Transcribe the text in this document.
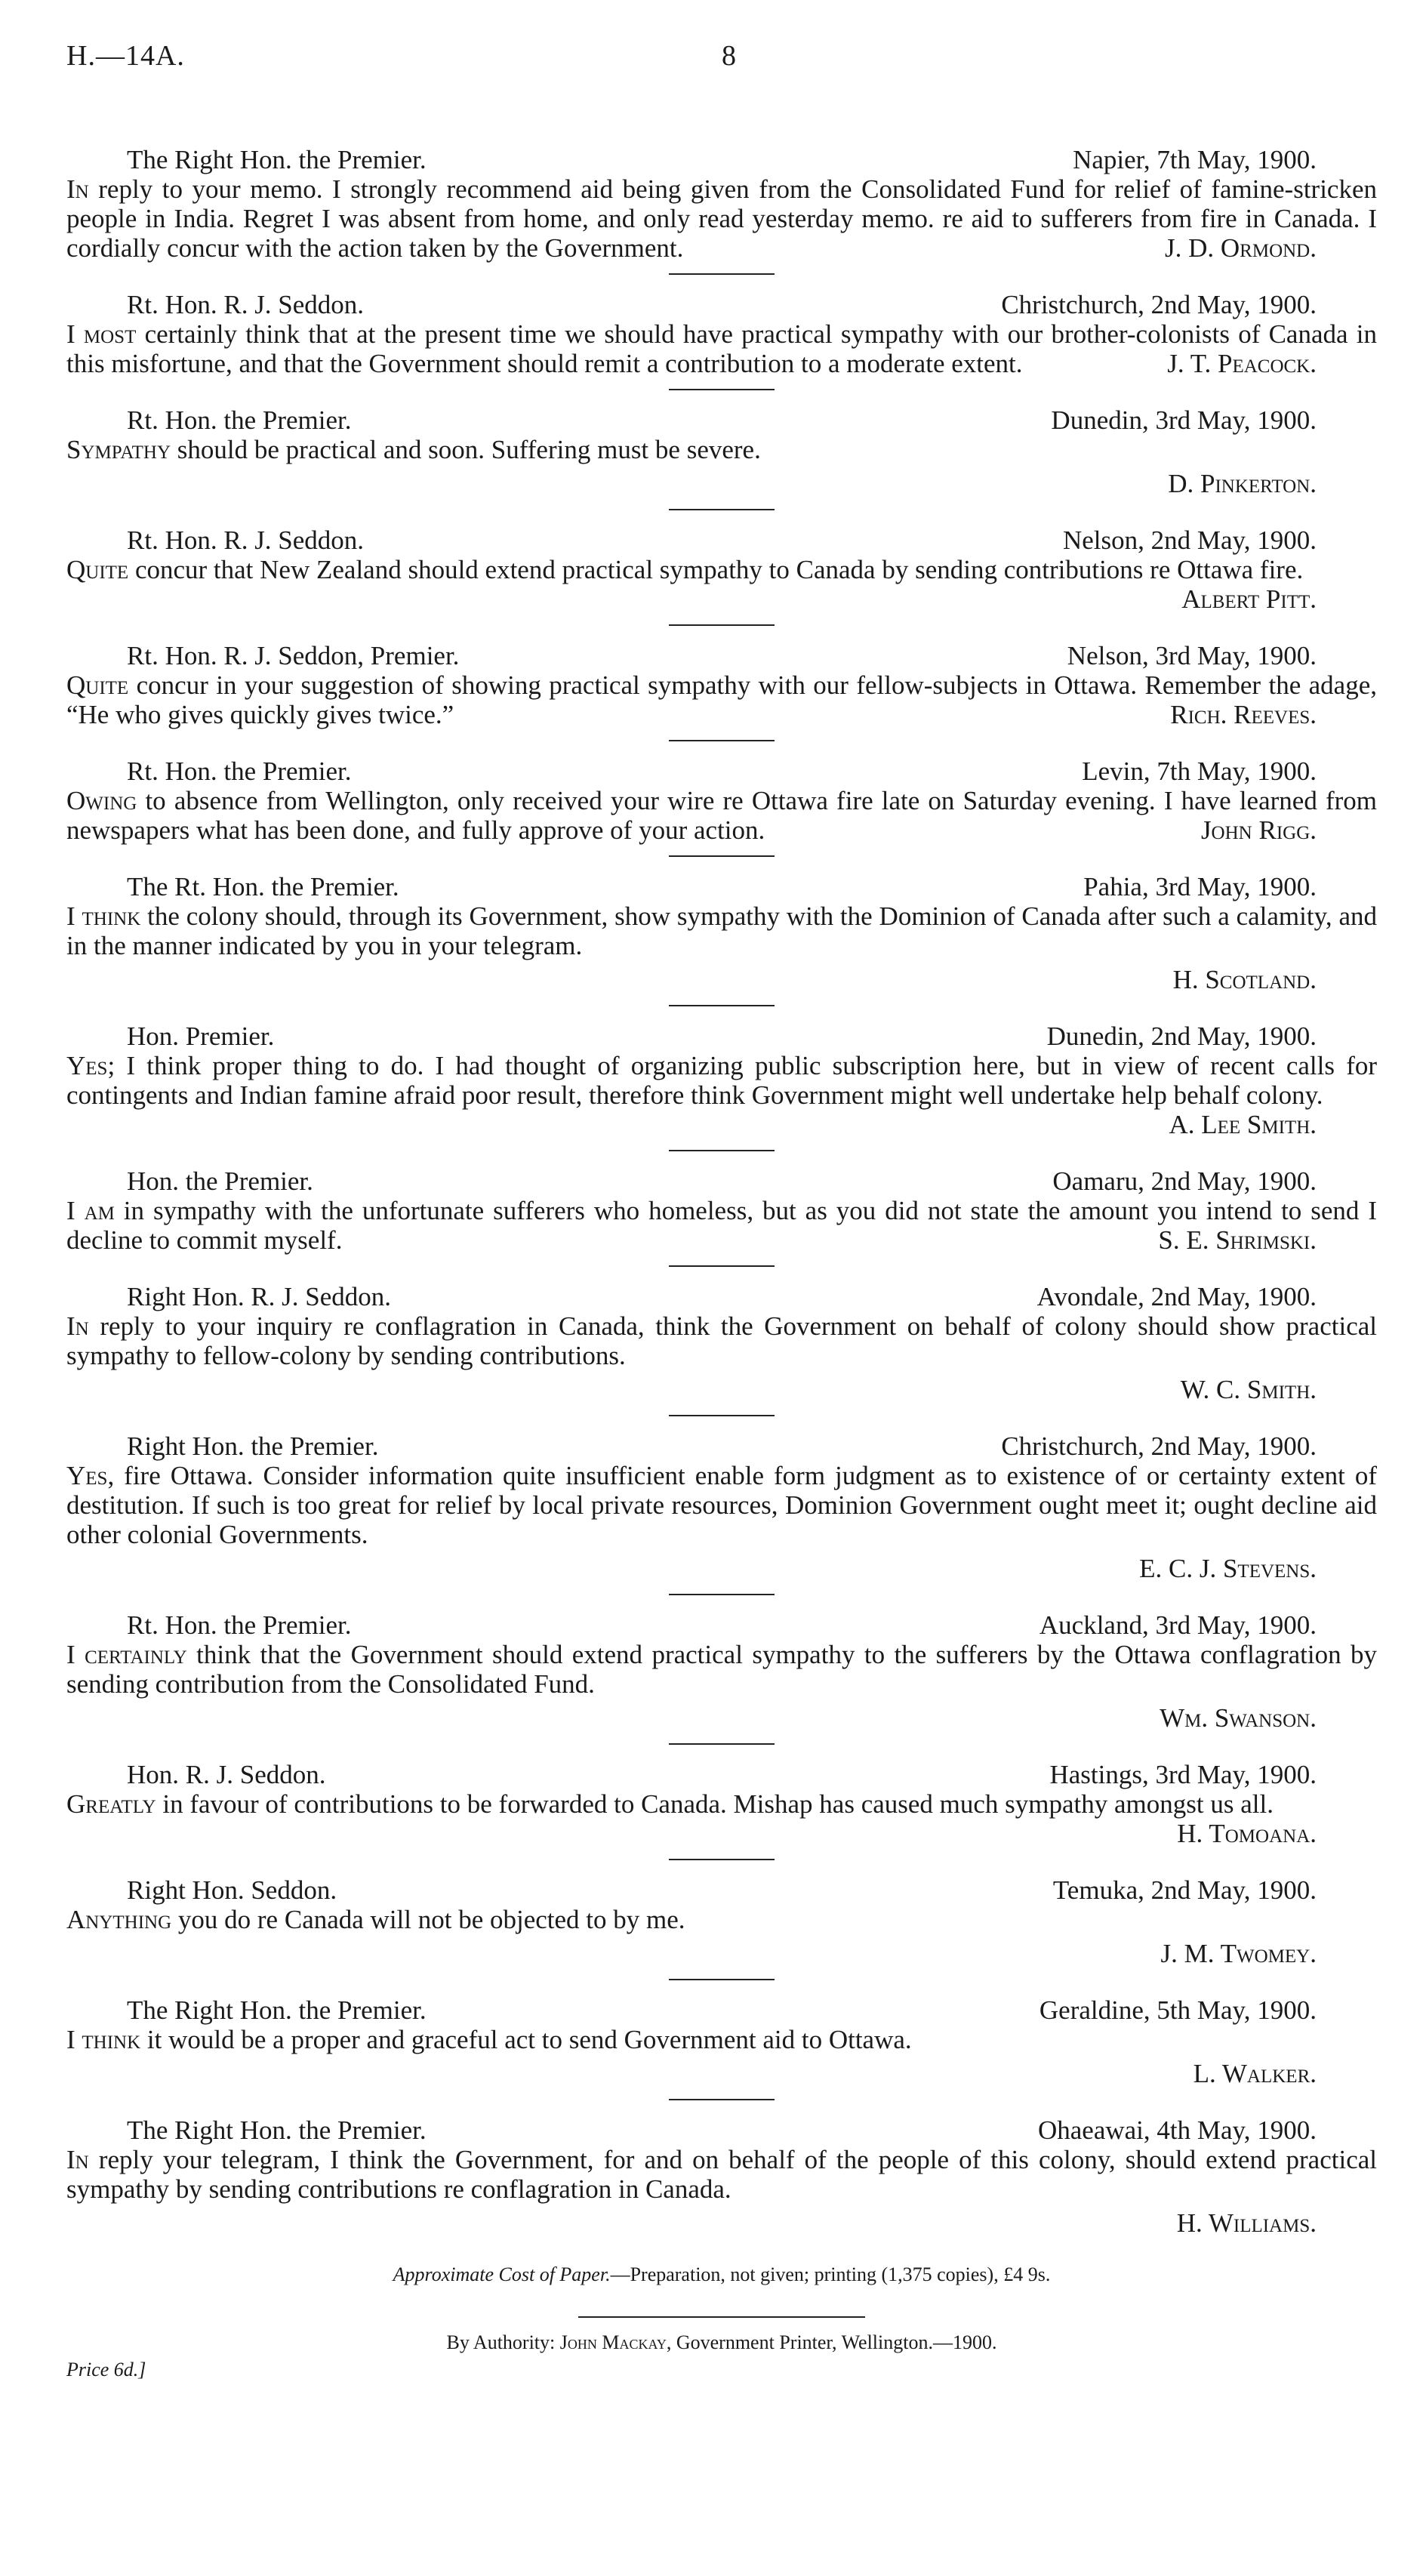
H.—14A.	8
The Right Hon. the Premier.	Napier, 7th May, 1900.
In reply to your memo. I strongly recommend aid being given from the Consolidated Fund for relief of famine-stricken people in India. Regret I was absent from home, and only read yesterday memo. re aid to sufferers from fire in Canada. I cordially concur with the action taken by the Government.	J. D. Ormond.
Rt. Hon. R. J. Seddon.	Christchurch, 2nd May, 1900.
I most certainly think that at the present time we should have practical sympathy with our brother-colonists of Canada in this misfortune, and that the Government should remit a contribution to a moderate extent.	J. T. Peacock.
Rt. Hon. the Premier.	Dunedin, 3rd May, 1900.
Sympathy should be practical and soon. Suffering must be severe.
D. Pinkerton.
Rt. Hon. R. J. Seddon.	Nelson, 2nd May, 1900.
Quite concur that New Zealand should extend practical sympathy to Canada by sending contributions re Ottawa fire.
Albert Pitt.
Rt. Hon. R. J. Seddon, Premier.	Nelson, 3rd May, 1900.
Quite concur in your suggestion of showing practical sympathy with our fellow-subjects in Ottawa. Remember the adage, “He who gives quickly gives twice.”	Rich. Reeves.
Rt. Hon. the Premier.	Levin, 7th May, 1900.
Owing to absence from Wellington, only received your wire re Ottawa fire late on Saturday evening. I have learned from newspapers what has been done, and fully approve of your action.	John Rigg.
The Rt. Hon. the Premier.	Pahia, 3rd May, 1900.
I think the colony should, through its Government, show sympathy with the Dominion of Canada after such a calamity, and in the manner indicated by you in your telegram.
H. Scotland.
Hon. Premier.	Dunedin, 2nd May, 1900.
Yes; I think proper thing to do. I had thought of organizing public subscription here, but in view of recent calls for contingents and Indian famine afraid poor result, therefore think Government might well undertake help behalf colony.
A. Lee Smith.
Hon. the Premier.	Oamaru, 2nd May, 1900.
I am in sympathy with the unfortunate sufferers who homeless, but as you did not state the amount you intend to send I decline to commit myself.	S. E. Shrimski.
Right Hon. R. J. Seddon.	Avondale, 2nd May, 1900.
In reply to your inquiry re conflagration in Canada, think the Government on behalf of colony should show practical sympathy to fellow-colony by sending contributions.
W. C. Smith.
Right Hon. the Premier.	Christchurch, 2nd May, 1900.
Yes, fire Ottawa. Consider information quite insufficient enable form judgment as to existence of or certainty extent of destitution. If such is too great for relief by local private resources, Dominion Government ought meet it; ought decline aid other colonial Governments.
E. C. J. Stevens.
Rt. Hon. the Premier.	Auckland, 3rd May, 1900.
I certainly think that the Government should extend practical sympathy to the sufferers by the Ottawa conflagration by sending contribution from the Consolidated Fund.
Wm. Swanson.
Hon. R. J. Seddon.	Hastings, 3rd May, 1900.
Greatly in favour of contributions to be forwarded to Canada. Mishap has caused much sympathy amongst us all.
H. Tomoana.
Right Hon. Seddon.	Temuka, 2nd May, 1900.
Anything you do re Canada will not be objected to by me.
J. M. Twomey.
The Right Hon. the Premier.	Geraldine, 5th May, 1900.
I think it would be a proper and graceful act to send Government aid to Ottawa.
L. Walker.
The Right Hon. the Premier.	Ohaeawai, 4th May, 1900.
In reply your telegram, I think the Government, for and on behalf of the people of this colony, should extend practical sympathy by sending contributions re conflagration in Canada.
H. Williams.
Approximate Cost of Paper.—Preparation, not given; printing (1,375 copies), £4 9s.
By Authority: John Mackay, Government Printer, Wellington.—1900.
Price 6d.]
